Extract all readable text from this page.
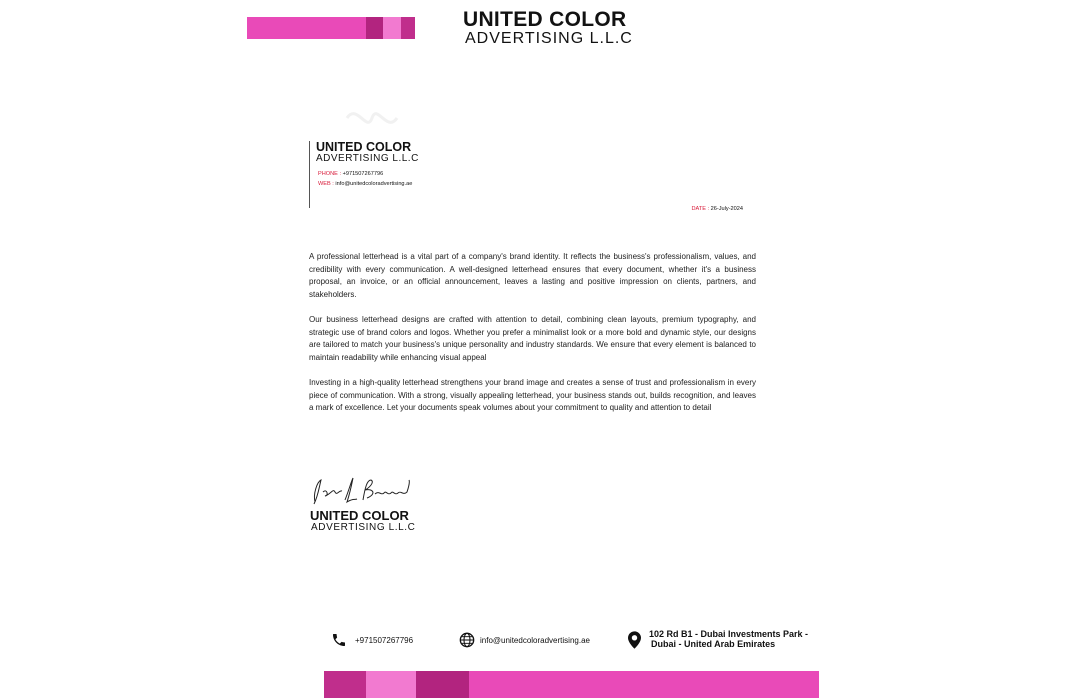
UNITED COLOR
ADVERTISING L.L.C
UNITED COLOR
ADVERTISING L.L.C
PHONE : +971507267796
WEB : info@unitedcoloradvertising.ae
DATE : 26-July-2024

A professional letterhead is a vital part of a company's brand identity. It reflects the business's professionalism, values, and credibility with every communication. A well-designed letterhead ensures that every document, whether it's a business proposal, an invoice, or an official announcement, leaves a lasting and positive impression on clients, partners, and stakeholders.

Our business letterhead designs are crafted with attention to detail, combining clean layouts, premium typography, and strategic use of brand colors and logos. Whether you prefer a minimalist look or a more bold and dynamic style, our designs are tailored to match your business's unique personality and industry standards. We ensure that every element is balanced to maintain readability while enhancing visual appeal

Investing in a high-quality letterhead strengthens your brand image and creates a sense of trust and professionalism in every piece of communication. With a strong, visually appealing letterhead, your business stands out, builds recognition, and leaves a mark of excellence. Let your documents speak volumes about your commitment to quality and attention to detail

UNITED COLOR
ADVERTISING L.L.C
+971507267796	info@unitedcoloradvertising.ae
102 Rd B1 - Dubai Investments Park -
Dubai - United Arab Emirates
